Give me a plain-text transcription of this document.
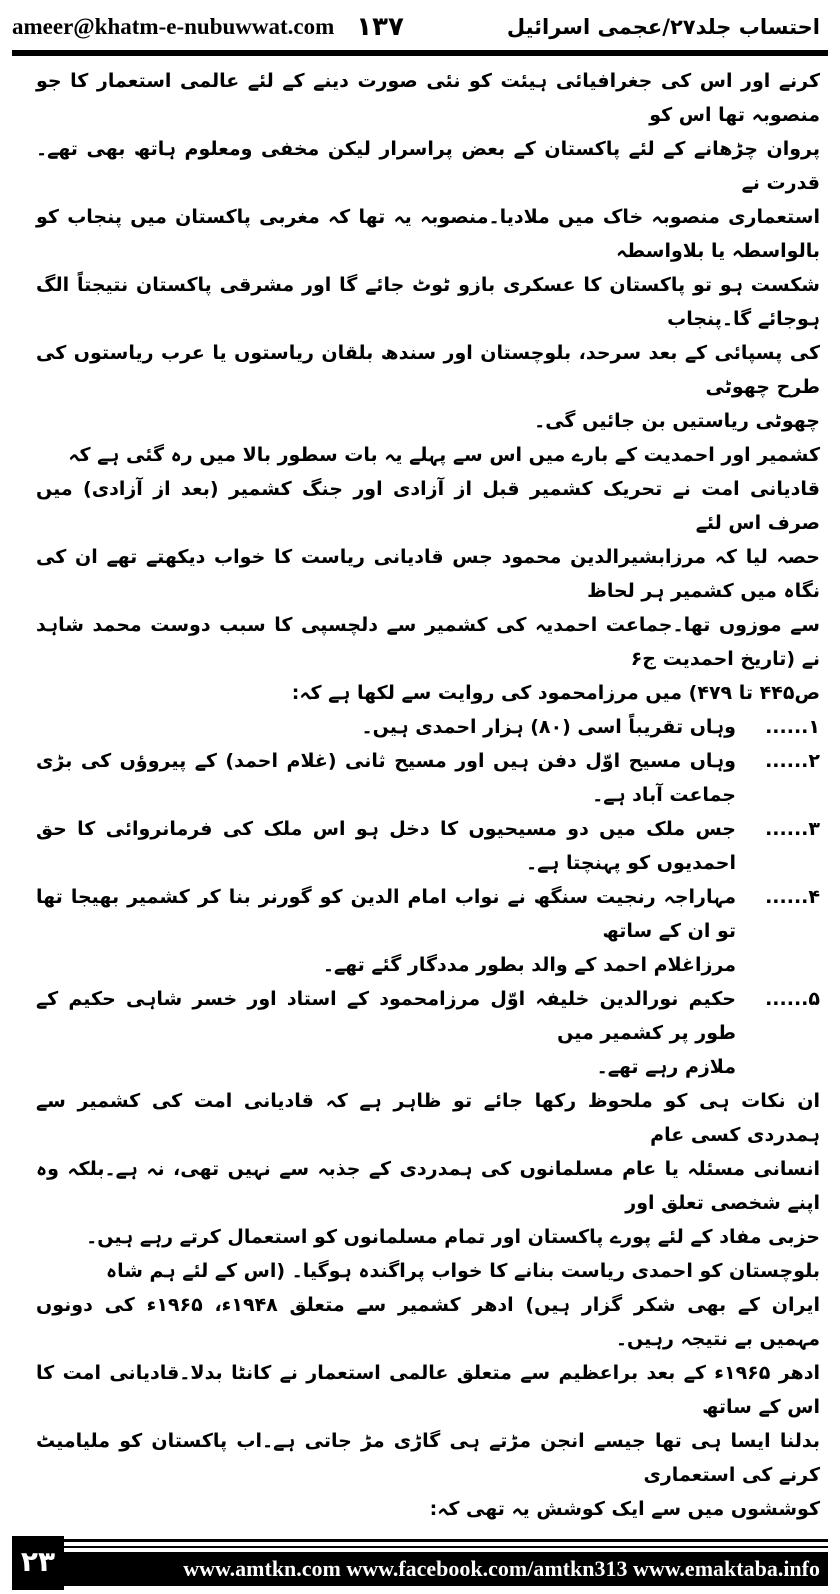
ameer@khatm-e-nubuwwat.com ۱۳۷	احتساب جلد۲۷/عجمی اسرائیل
کرنے اور اس کی جغرافیائی ہیئت کو نئی صورت دینے کے لئے عالمی استعمار کا جو منصوبہ تھا اس کو
پروان چڑھانے کے لئے پاکستان کے بعض پراسرار لیکن مخفی ومعلوم ہاتھ بھی تھے۔قدرت نے
استعماری منصوبہ خاک میں ملادیا۔منصوبہ یہ تھا کہ مغربی پاکستان میں پنجاب کو بالواسطہ یا بلاواسطہ
شکست ہو تو پاکستان کا عسکری بازو ٹوٹ جائے گا اور مشرقی پاکستان نتیجتاً الگ ہوجائے گا۔پنجاب
کی پسپائی کے بعد سرحد، بلوچستان اور سندھ بلقان ریاستوں یا عرب ریاستوں کی طرح چھوٹی
چھوٹی ریاستیں بن جائیں گی۔
کشمیر اور احمدیت کے بارے میں اس سے پہلے یہ بات سطور بالا میں رہ گئی ہے کہ
قادیانی امت نے تحریک کشمیر قبل از آزادی اور جنگ کشمیر (بعد از آزادی) میں صرف اس لئے
حصہ لیا کہ مرزابشیرالدین محمود جس قادیانی ریاست کا خواب دیکھتے تھے ان کی نگاہ میں کشمیر ہر لحاظ
سے موزوں تھا۔جماعت احمدیہ کی کشمیر سے دلچسپی کا سبب دوست محمد شاہد نے (تاریخ احمدیت ج۶
ص۴۴۵ تا ۴۷۹) میں مرزامحمود کی روایت سے لکھا ہے کہ:
۱......
وہاں تقریباً اسی (۸۰) ہزار احمدی ہیں۔
۲......
وہاں مسیح اوّل دفن ہیں اور مسیح ثانی (غلام احمد) کے پیروؤں کی بڑی جماعت آباد ہے۔
۳......
جس ملک میں دو مسیحیوں کا دخل ہو اس ملک کی فرمانروائی کا حق احمدیوں کو پہنچتا ہے۔
۴......
مہاراجہ رنجیت سنگھ نے نواب امام الدین کو گورنر بنا کر کشمیر بھیجا تھا تو ان کے ساتھ
مرزاغلام احمد کے والد بطور مددگار گئے تھے۔
۵......
حکیم نورالدین خلیفہ اوّل مرزامحمود کے استاد اور خسر شاہی حکیم کے طور پر کشمیر میں
ملازم رہے تھے۔
ان نکات ہی کو ملحوظ رکھا جائے تو ظاہر ہے کہ قادیانی امت کی کشمیر سے ہمدردی کسی عام
انسانی مسئلہ یا عام مسلمانوں کی ہمدردی کے جذبہ سے نہیں تھی، نہ ہے۔بلکہ وہ اپنے شخصی تعلق اور
حزبی مفاد کے لئے پورے پاکستان اور تمام مسلمانوں کو استعمال کرتے رہے ہیں۔
بلوچستان کو احمدی ریاست بنانے کا خواب پراگندہ ہوگیا۔ (اس کے لئے ہم شاہ
ایران کے بھی شکر گزار ہیں) ادھر کشمیر سے متعلق ۱۹۴۸ء، ۱۹۶۵ء کی دونوں مہمیں بے نتیجہ رہیں۔
ادھر ۱۹۶۵ء کے بعد براعظیم سے متعلق عالمی استعمار نے کانٹا بدلا۔قادیانی امت کا اس کے ساتھ
بدلنا ایسا ہی تھا جیسے انجن مڑتے ہی گاڑی مڑ جاتی ہے۔اب پاکستان کو ملیامیٹ کرنے کی استعماری
کوششوں میں سے ایک کوشش یہ تھی کہ:
۲۳	www.amtkn.com www.facebook.com/amtkn313 www.emaktaba.info
